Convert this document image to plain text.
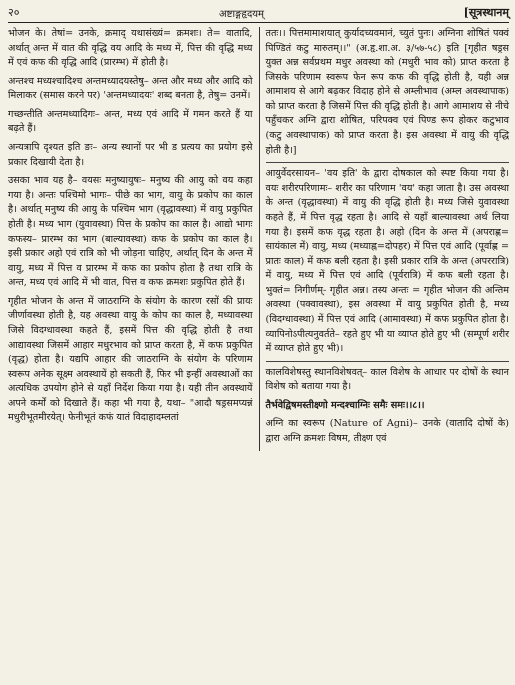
२०	अष्टाङ्गहृदयम्	[सूत्रस्थानम्

भोजन के। तेषां= उनके, क्रमाद् यथासंख्यं= क्रमशः। ते= वातादि, अर्थात् अन्त में वात की वृद्धि वय आदि के मध्य में, पित्त की वृद्धि मध्य में एवं कफ की वृद्धि आदि (प्रारम्भ) में होती है।

अन्तश्च मध्यश्चादिश्च अन्तमध्यादयस्तेषु– अन्त और मध्य और आदि को मिलाकर (समास करने पर) 'अन्तमध्यादयः' शब्द बनता है, तेषु= उनमें।

गच्छन्तीति अन्तमध्यादिगः– अन्त, मध्य एवं आदि में गमन करते हैं या बढ़ते हैं।

अन्यत्रापि दृश्यत इति ङः– अन्य स्थानों पर भी ड प्रत्यय का प्रयोग इसे प्रकार दिखायी देता है।

उसका भाव यह है– वयसः मनुष्यायुषः– मनुष्य की आयु को वय कहा गया है। अन्तः पश्चिमो भागः– पीछे का भाग, वायु के प्रकोप का काल है। अर्थात् मनुष्य की आयु के पश्चिम भाग (वृद्धावस्था) में वायु प्रकुपित होती है। मध्य भाग (युवावस्था) पित्त के प्रकोप का काल है। आद्यो भागः कफस्य– प्रारम्भ का भाग (बाल्यावस्था) कफ के प्रकोप का काल है। इसी प्रकार अहो एवं रात्रि को भी जोड़ना चाहिए, अर्थात् दिन के अन्त में वायु, मध्य में पित्त व प्रारम्भ में कफ का प्रकोप होता है तथा रात्रि के अन्त, मध्य एवं आदि में भी वात, पित्त व कफ क्रमशः प्रकुपित होते हैं।

गृहीत भोजन के अन्त में जाठराग्नि के संयोग के कारण रसों की प्रायः जीर्णावस्था होती है, यह अवस्था वायु के कोप का काल है, मध्यावस्था जिसे विदग्धावस्था कहते हैं, इसमें पित्त की वृद्धि होती है तथा आद्यावस्था जिसमें आहार मधुरभाव को प्राप्त करता है, में कफ प्रकुपित (वृद्ध) होता है। यद्यपि आहार की जाठराग्नि के संयोग के परिणाम स्वरूप अनेक सूक्ष्म अवस्थायें हो सकती हैं, फिर भी इन्हीं अवस्थाओं का अत्यधिक उपयोग होने से यहाँ निर्देश किया गया है। यही तीन अवस्थायें अपने कर्मों को दिखाते हैं। कहा भी गया है, यथा– "आदौ षड्रसमप्यन्नं मधुरीभूतमीरयेत्। फेनीभूतं कफं यातं विदाहादम्लतां

ततः।। पित्तमामाशयात् कुर्यादच्यवमानं, च्युतं पुनः। अग्निना शोषितं पक्वं पिण्डितं कटु मारुतम्।।" (अ.हृ.शा.अ. ३/५७-५८) इति [गृहीत षड्रस युक्त अन्न सर्वप्रथम मधुर अवस्था को (मधुरी भाव को) प्राप्त करता है जिसके परिणाम स्वरूप फेन रूप कफ की वृद्धि होती है, यही अन्न आमाशय से आगे बढ़कर विदाह होने से अम्लीभाव (अम्ल अवस्थापाक) को प्राप्त करता है जिसमें पित्त की वृद्धि होती है। आगे आमाशय से नीचे पहुँचकर अग्नि द्वारा शोषित, परिपक्व एवं पिण्ड रूप होकर कटुभाव (कटु अवस्थापाक) को प्राप्त करता है। इस अवस्था में वायु की वृद्धि होती है।]

आयुर्वेदरसायन– 'वय इति' के द्वारा दोषकाल को स्पष्ट किया गया है। वयः शरीरपरिणामः– शरीर का परिणाम 'वय' कहा जाता है। उस अवस्था के अन्त (वृद्धावस्था) में वायु की वृद्धि होती है। मध्य जिसे युवावस्था कहते हैं, में पित्त वृद्ध रहता है। आदि से यहाँ बाल्यावस्था अर्थ लिया गया है। इसमें कफ वृद्ध रहता है। अहो (दिन के अन्त में (अपराह्ण= सायंकाल में) वायु, मध्य (मध्याह्न=दोपहर) में पित्त एवं आदि (पूर्वाह्ण = प्रातः काल) में कफ बली रहता है। इसी प्रकार रात्रि के अन्त (अपररात्रि) में वायु, मध्य में पित्त एवं आदि (पूर्वरात्रि) में कफ बली रहता है। भुक्तं= निगीर्णम्- गृहीत अन्न। तस्य अन्तः = गृहीत भोजन की अन्तिम अवस्था (पक्वावस्था), इस अवस्था में वायु प्रकुपित होती है, मध्य (विदग्धावस्था) में पित्त एवं आदि (आमावस्था) में कफ प्रकुपित होता है। व्यापिनोऽपीत्यनुवर्तते– रहते हुए भी या व्याप्त होते हुए भी (सम्पूर्ण शरीर में व्याप्त होते हुए भी)।

कालविशेषस्तु स्थानविशेषवत्– काल विशेष के आधार पर दोषों के स्थान विशेष को बताया गया है।

तैर्भवेद्विषमस्तीक्ष्णो मन्दश्चाग्निः समैः समः।।८।।

अग्नि का स्वरूप (Nature of Agni)– उनके (वातादि दोषों के) द्वारा अग्नि क्रमशः विषम, तीक्ष्ण एवं
